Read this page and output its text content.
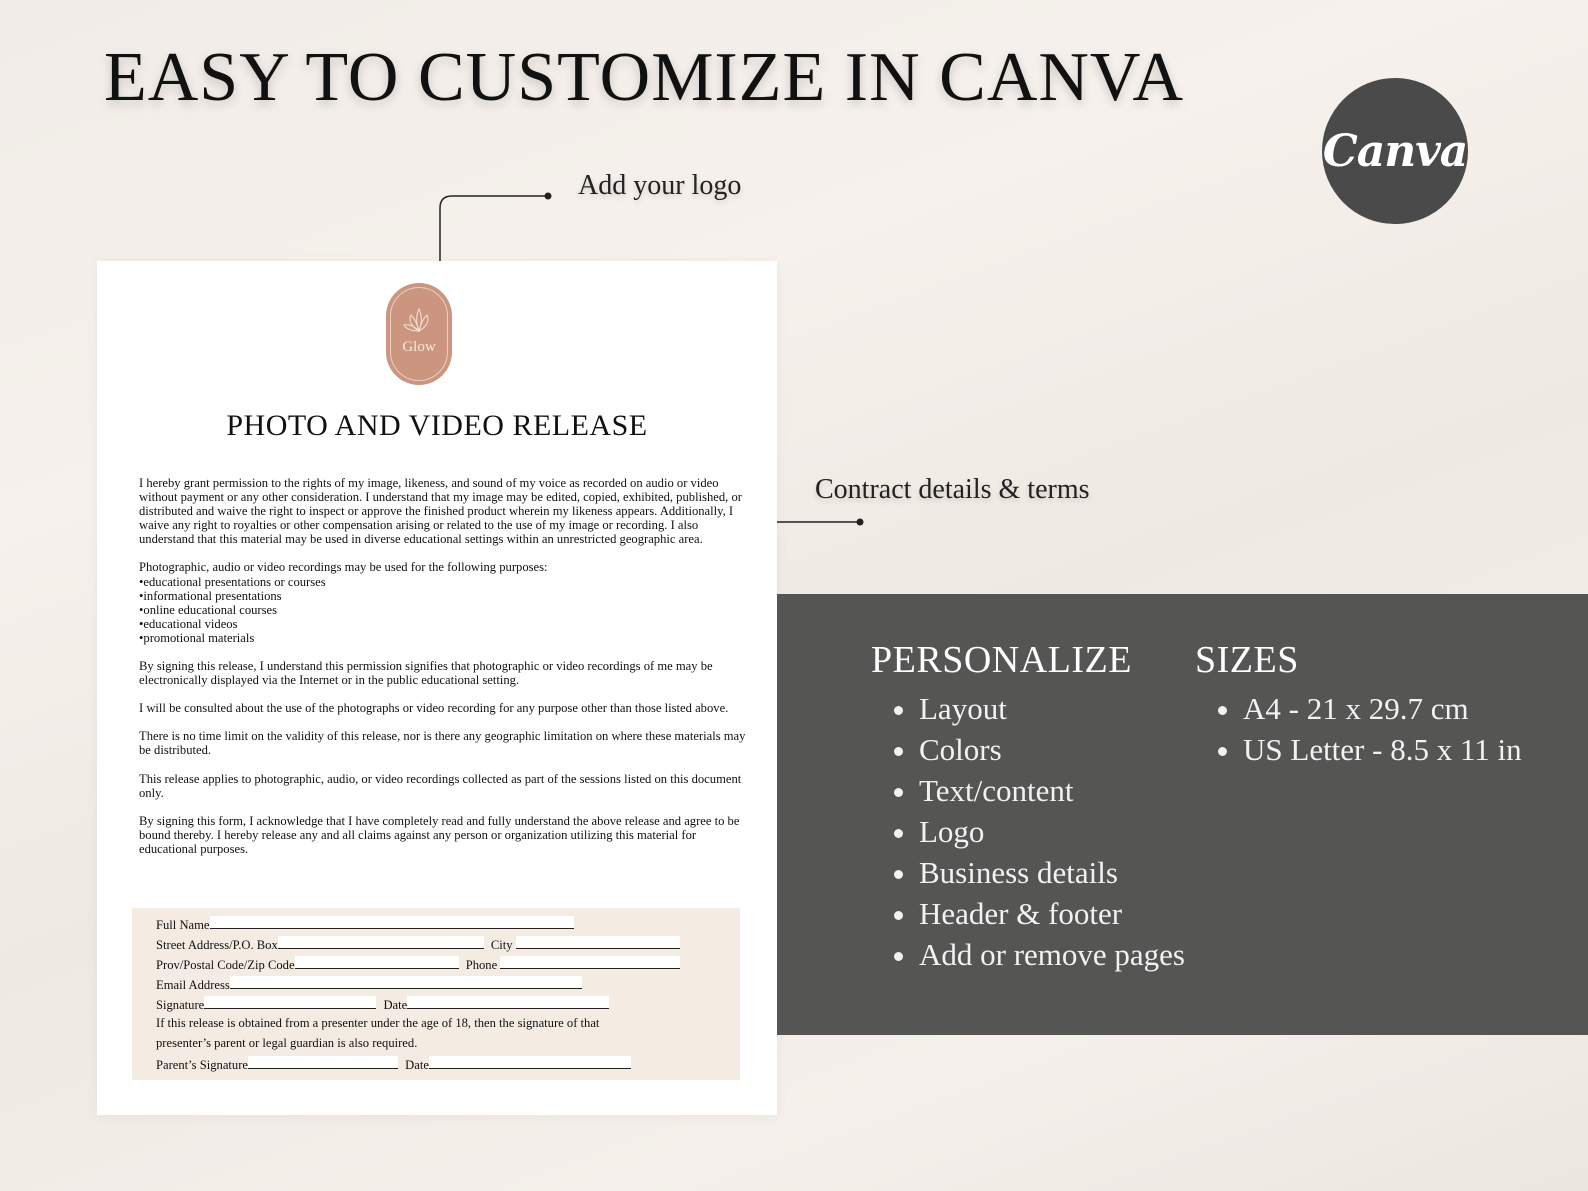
EASY TO CUSTOMIZE IN CANVA
Canva
Add your logo
Contract details & terms
Glow
PHOTO AND VIDEO RELEASE

I hereby grant permission to the rights of my image, likeness, and sound of my voice as recorded on audio or video without payment or any other consideration. I understand that my image may be edited, copied, exhibited, published, or distributed and waive the right to inspect or approve the finished product wherein my likeness appears. Additionally, I waive any right to royalties or other compensation arising or related to the use of my image or recording. I also understand that this material may be used in diverse educational settings within an unrestricted geographic area.

Photographic, audio or video recordings may be used for the following purposes:

• educational presentations or courses
• informational presentations
• online educational courses
• educational videos
• promotional materials

By signing this release, I understand this permission signifies that photographic or video recordings of me may be electronically displayed via the Internet or in the public educational setting.

I will be consulted about the use of the photographs or video recording for any purpose other than those listed above.

There is no time limit on the validity of this release, nor is there any geographic limitation on where these materials may be distributed.

This release applies to photographic, audio, or video recordings collected as part of the sessions listed on this document only.

By signing this form, I acknowledge that I have completely read and fully understand the above release and agree to be bound thereby. I hereby release any and all claims against any person or organization utilizing this material for educational purposes.

Full Name
Street Address/P.O. Box	City
Prov/Postal Code/Zip Code	Phone
Email Address
Signature	Date
If this release is obtained from a presenter under the age of 18, then the signature of that
presenter’s parent or legal guardian is also required.
Parent’s Signature	Date
PERSONALIZE
• Layout
• Colors
• Text/content
• Logo
• Business details
• Header & footer
• Add or remove pages
SIZES
• A4 - 21 x 29.7 cm
• US Letter - 8.5 x 11 in
